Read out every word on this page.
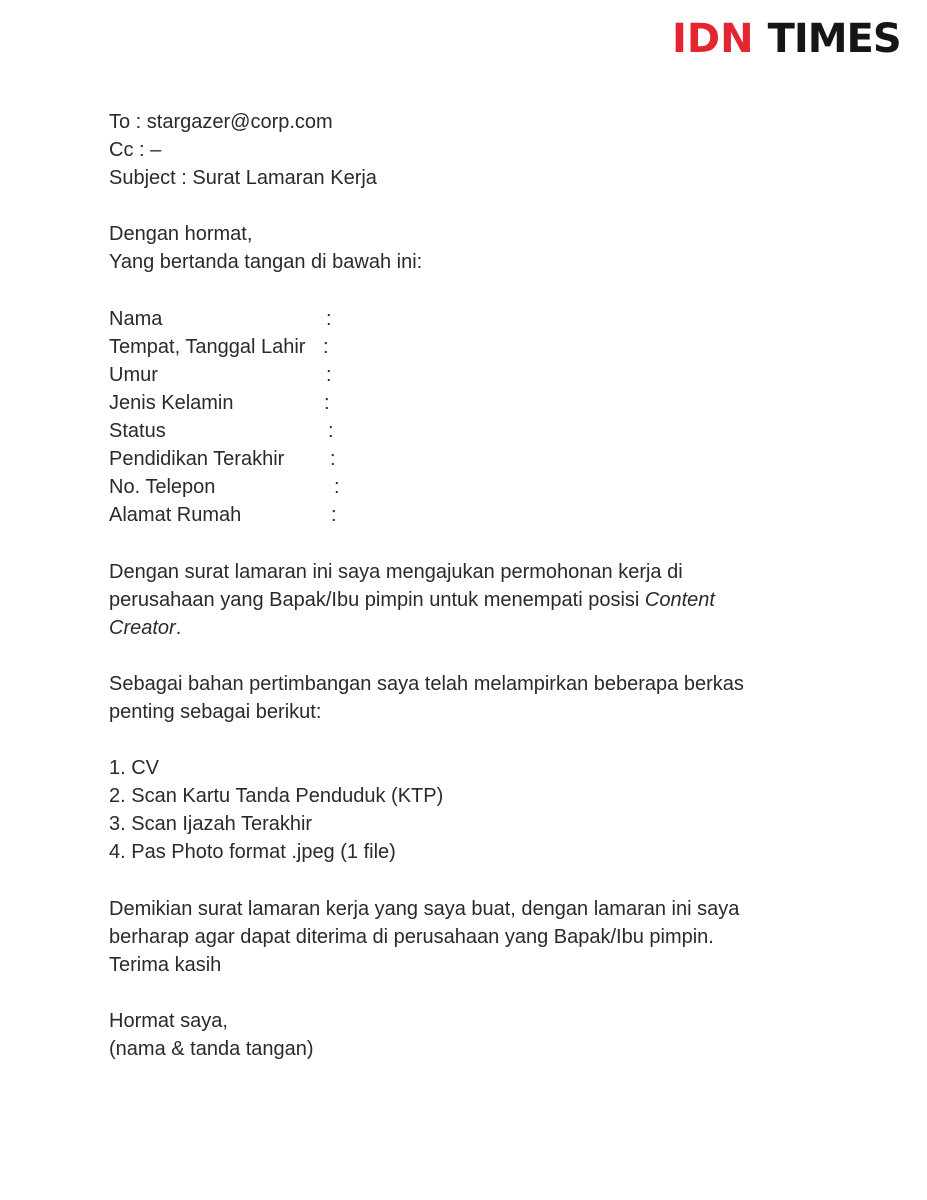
IDN TIMES
To : stargazer@corp.com
Cc : –
Subject : Surat Lamaran Kerja
Dengan hormat,
Yang bertanda tangan di bawah ini:
Nama	:
Tempat, Tanggal Lahir :
Umur	:
Jenis Kelamin	:
Status	:
Pendidikan Terakhir :
No. Telepon	:
Alamat Rumah	:
Dengan surat lamaran ini saya mengajukan permohonan kerja di
perusahaan yang Bapak/Ibu pimpin untuk menempati posisi Content
Creator.
Sebagai bahan pertimbangan saya telah melampirkan beberapa berkas
penting sebagai berikut:
1. CV
2. Scan Kartu Tanda Penduduk (KTP)
3. Scan Ijazah Terakhir
4. Pas Photo format .jpeg (1 file)
Demikian surat lamaran kerja yang saya buat, dengan lamaran ini saya
berharap agar dapat diterima di perusahaan yang Bapak/Ibu pimpin.
Terima kasih
Hormat saya,
(nama & tanda tangan)
